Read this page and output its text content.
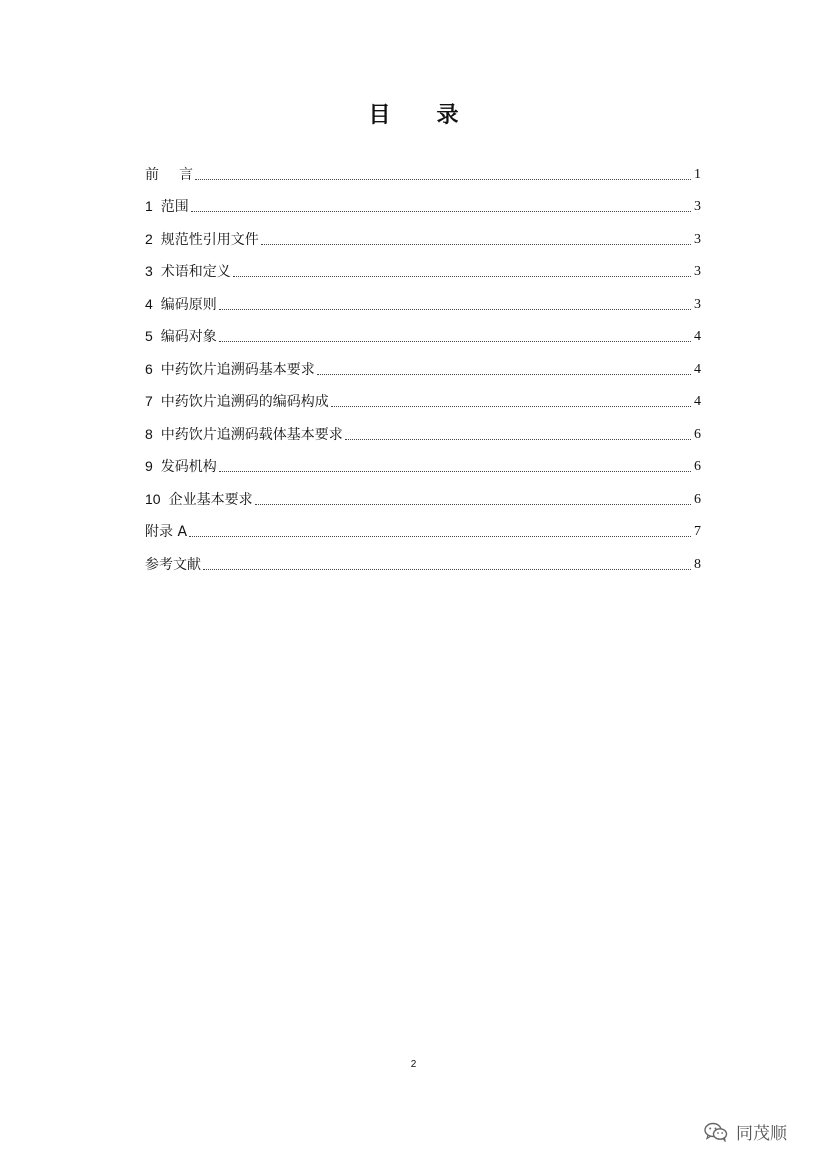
目 录
前 言	1
1 范围	3
2 规范性引用文件	3
3 术语和定义	3
4 编码原则	3
5 编码对象	4
6 中药饮片追溯码基本要求	4
7 中药饮片追溯码的编码构成	4
8 中药饮片追溯码载体基本要求	6
9 发码机构	6
10 企业基本要求	6
附录 A	7
参考文献	8
2
同茂顺
